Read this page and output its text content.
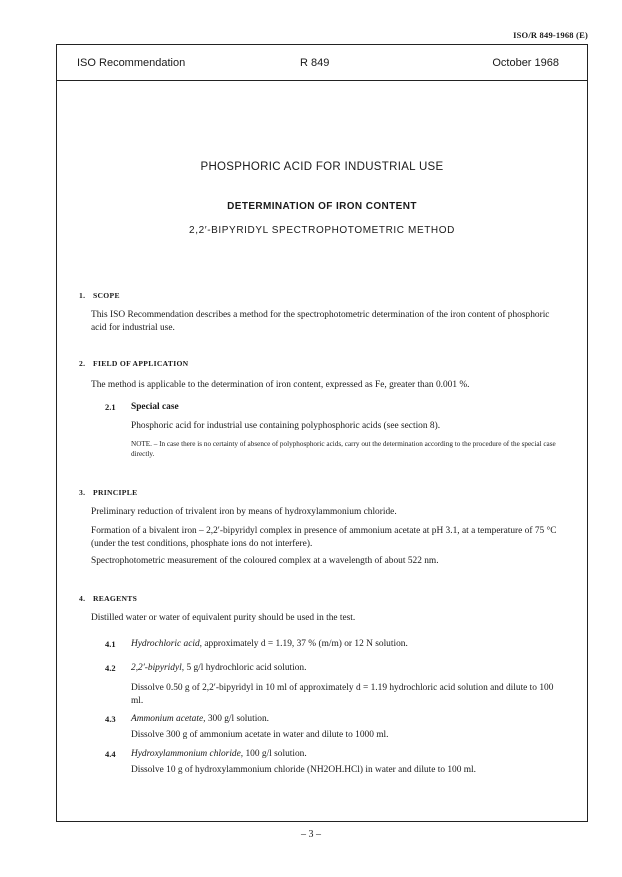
ISO/R 849-1968 (E)
ISO Recommendation	R 849	October 1968
PHOSPHORIC ACID FOR INDUSTRIAL USE
DETERMINATION OF IRON CONTENT
2,2′-BIPYRIDYL SPECTROPHOTOMETRIC METHOD
1. SCOPE
This ISO Recommendation describes a method for the spectrophotometric determination of the iron content of phosphoric acid for industrial use.
2. FIELD OF APPLICATION
The method is applicable to the determination of iron content, expressed as Fe, greater than 0.001 %.
2.1 Special case
Phosphoric acid for industrial use containing polyphosphoric acids (see section 8).
NOTE. – In case there is no certainty of absence of polyphosphoric acids, carry out the determination according to the procedure of the special case directly.
3. PRINCIPLE
Preliminary reduction of trivalent iron by means of hydroxylammonium chloride.
Formation of a bivalent iron – 2,2′-bipyridyl complex in presence of ammonium acetate at pH 3.1, at a temperature of 75 °C (under the test conditions, phosphate ions do not interfere).
Spectrophotometric measurement of the coloured complex at a wavelength of about 522 nm.
4. REAGENTS
Distilled water or water of equivalent purity should be used in the test.
4.1 Hydrochloric acid, approximately d = 1.19, 37 % (m/m) or 12 N solution.
4.2 2,2′-bipyridyl, 5 g/l hydrochloric acid solution.
Dissolve 0.50 g of 2,2′-bipyridyl in 10 ml of approximately d = 1.19 hydrochloric acid solution and dilute to 100 ml.
4.3 Ammonium acetate, 300 g/l solution.
Dissolve 300 g of ammonium acetate in water and dilute to 1000 ml.
4.4 Hydroxylammonium chloride, 100 g/l solution.
Dissolve 10 g of hydroxylammonium chloride (NH2OH.HCl) in water and dilute to 100 ml.
– 3 –
